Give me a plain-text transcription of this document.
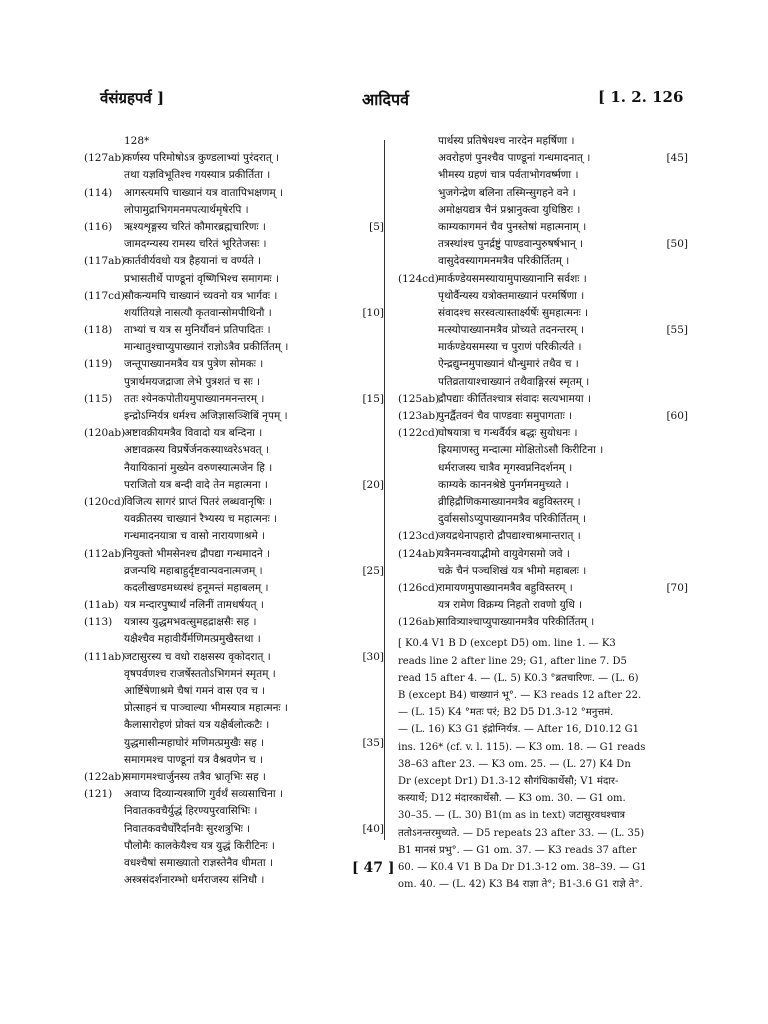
र्वसंग्रहपर्व ]	आदिपर्व	[ 1. 2. 126
128*
(127ab)
कर्णस्य परिमोषोऽत्र कुण्डलाभ्यां पुरंदरात् ।
तथा यज्ञविभूतिश्च गयस्यात्र प्रकीर्तिता ।
(114) आगस्त्यमपि चाख्यानं यत्र वातापिभक्षणम् ।
लोपामुद्राभिगमनमपत्यार्थमृषेरपि ।
(116) ऋश्यशृङ्गस्य चरितं कौमारब्रह्मचारिणः ।	[5]
जामदग्न्यस्य रामस्य चरितं भूरितेजसः ।
(117ab)
कार्तवीर्यवधो यत्र हैहयानां च वर्ण्यते ।
प्रभासतीर्थे पाण्डूनां वृष्णिभिश्च समागमः ।
(117cd) सौकन्यमपि चाख्यानं च्यवनो यत्र भार्गवः ।
शर्यातियज्ञे नासत्यौ कृतवान्सोमपीथिनौ ।	[10]
(118) ताभ्यां च यत्र स मुनिर्यौवनं प्रतिपादितः ।
मान्धातुश्चाप्युपाख्यानं राज्ञोऽत्रैव प्रकीर्तितम् ।
(119) जन्तूपाख्यानमत्रैव यत्र पुत्रेण सोमकः ।
पुत्रार्थमयजद्राजा लेभे पुत्रशतं च सः ।
(115) ततः श्येनकपोतीयमुपाख्यानमनन्तरम् ।	[15]
इन्द्रोऽग्निर्यत्र धर्मश्च अजिज्ञासञ्शिबिं नृपम् ।
(120ab)
अष्टावक्रीयमत्रैव विवादो यत्र बन्दिना ।
अष्टावक्रस्य विप्रर्षेर्जनकस्याध्वरेऽभवत् ।
नैयायिकानां मुख्येन वरुणस्यात्मजेन हि ।
पराजितो यत्र बन्दी वादे तेन महात्मना ।	[20]
(120cd) विजित्य सागरं प्राप्तं पितरं लब्धवानृषिः ।
यवक्रीतस्य चाख्यानं रैभ्यस्य च महात्मनः ।
गन्धमादनयात्रा च वासो नारायणाश्रमे ।
(112ab)
नियुक्तो भीमसेनश्च द्रौपद्या गन्धमादने ।
व्रजन्पथि महाबाहुर्दृष्टवान्पवनात्मजम् ।	[25]
कदलीखण्डमध्यस्थं हनूमन्तं महाबलम् ।
(11ab) यत्र मन्दारपुष्पार्थं नलिनीं तामधर्षयत् ।
(113) यत्रास्य युद्धमभवत्सुमहद्राक्षसैः सह ।
यक्षैश्चैव महावीर्यैर्मणिमत्प्रमुखैस्तथा ।
(111ab)
जटासुरस्य च वधो राक्षसस्य वृकोदरात् ।	[30]
वृषपर्वणश्च राजर्षेस्ततोऽभिगमनं स्मृतम् ।
आर्ष्टिषेणाश्रमे चैषां गमनं वास एव च ।
प्रोत्साहनं च पाञ्चाल्या भीमस्यात्र महात्मनः ।
कैलासारोहणं प्रोक्तं यत्र यक्षैर्बलोत्कटैः ।
युद्धमासीन्महाघोरं मणिमत्प्रमुखैः सह ।	[35]
समागमश्च पाण्डूनां यत्र वैश्रवणेन च ।
(122ab)
समागमश्चार्जुनस्य तत्रैव भ्रातृभिः सह ।
(121) अवाप्य दिव्यान्यस्त्राणि गुर्वर्थं सव्यसाचिना ।
निवातकवचैर्युद्धं हिरण्यपुरवासिभिः ।
निवातकवचैर्घोरैर्दानवैः सुरशत्रुभिः ।	[40]
पौलोमैः कालकेयैश्च यत्र युद्धं किरीटिनः ।
वधश्चैषां समाख्यातो राज्ञस्तेनैव धीमता ।
अस्त्रसंदर्शनारम्भो धर्मराजस्य संनिधौ ।
पार्थस्य प्रतिषेधश्च नारदेन महर्षिणा ।
अवरोहणं पुनश्चैव पाण्डूनां गन्धमादनात् ।	[45]
भीमस्य ग्रहणं चात्र पर्वताभोगवर्ष्मणा ।
भुजगेन्द्रेण बलिना तस्मिन्सुगहने वने ।
अमोक्षयद्यत्र चैनं प्रश्नानुक्त्वा युधिष्ठिरः ।
काम्यकागमनं चैव पुनस्तेषां महात्मनाम् ।
तत्रस्थांश्च पुनर्द्रष्टुं पाण्डवान्पुरुषर्षभान् ।	[50]
वासुदेवस्यागमनमत्रैव परिकीर्तितम् ।
(124cd) मार्कण्डेयसमस्यायामुपाख्यानानि सर्वशः ।
पृथोर्वैन्यस्य यत्रोक्तमाख्यानं परमर्षिणा ।
संवादश्च सरस्वत्यास्तार्क्ष्यर्षेः सुमहात्मनः ।
मत्स्योपाख्यानमत्रैव प्रोच्यते तदनन्तरम् ।	[55]
मार्कण्डेयसमस्या च पुराणं परिकीर्त्यते ।
ऐन्द्रद्युम्नमुपाख्यानं धौन्धुमारं तथैव च ।
पतिव्रतायाश्चाख्यानं तथैवाङ्गिरसं स्मृतम् ।
(125ab)
द्रौपद्याः कीर्तितश्चात्र संवादः सत्यभामया ।
(123ab)
पुनर्द्वैतवनं चैव पाण्डवाः समुपागताः ।	[60]
(122cd) घोषयात्रा च गन्धर्वैर्यत्र बद्धः सुयोधनः ।
ह्रियमाणस्तु मन्दात्मा मोक्षितोऽसौ किरीटिना ।
धर्मराजस्य चात्रैव मृगस्वप्ननिदर्शनम् ।
काम्यके काननश्रेष्ठे पुनर्गमनमुच्यते ।
व्रीहिद्रौणिकमाख्यानमत्रैव बहुविस्तरम् ।
दुर्वाससोऽप्युपाख्यानमत्रैव परिकीर्तितम् ।
(123cd) जयद्रथेनापहारो द्रौपद्याश्चाश्रमान्तरात् ।
(124ab)
यत्रैनमन्वयाद्भीमो वायुवेगसमो जवे ।
चक्रे चैनं पञ्चशिखं यत्र भीमो महाबलः ।
(126cd) रामायणमुपाख्यानमत्रैव बहुविस्तरम् ।	[70]
यत्र रामेण विक्रम्य निहतो रावणो युधि ।
(126ab)
सावित्र्याश्चाप्युपाख्यानमत्रैव परिकीर्तितम् ।
[ K0.4 V1 B D (except D5) om. line 1. — K3
reads line 2 after line 29; G1, after line 7. D5
read 15 after 4. — (L. 5) K0.3 °ब्रतचारिणः. — (L. 6)
B (except B4) चाख्यानं भू°. — K3 reads 12 after 22.
— (L. 15) K4 °मतः परं; B2 D5 D1.3-12 °मनुत्तमं.
— (L. 16) K3 G1 इंद्रोग्निर्यत्र. — After 16, D10.12 G1
ins. 126* (cf. v. l. 115). — K3 om. 18. — G1 reads
38–63 after 23. — K3 om. 25. — (L. 27) K4 Dn
Dr (except Dr1) D1.3-12 सौगंधिकार्थेसौ; V1 मंदार-
कस्यार्थे; D12 मंदारकार्थेसौ. — K3 om. 30. — G1 om.
30–35. — (L. 30) B1(m as in text) जटासुरवधश्चात्र
ततोऽनन्तरमुच्यते. — D5 repeats 23 after 33. — (L. 35)
B1 मानसं प्रभु°. — G1 om. 37. — K3 reads 37 after
60. — K0.4 V1 B Da Dr D1.3-12 om. 38–39. — G1
om. 40. — (L. 42) K3 B4 राज्ञा ते°; B1-3.6 G1 राज्ञे ते°.
[ 47 ]
